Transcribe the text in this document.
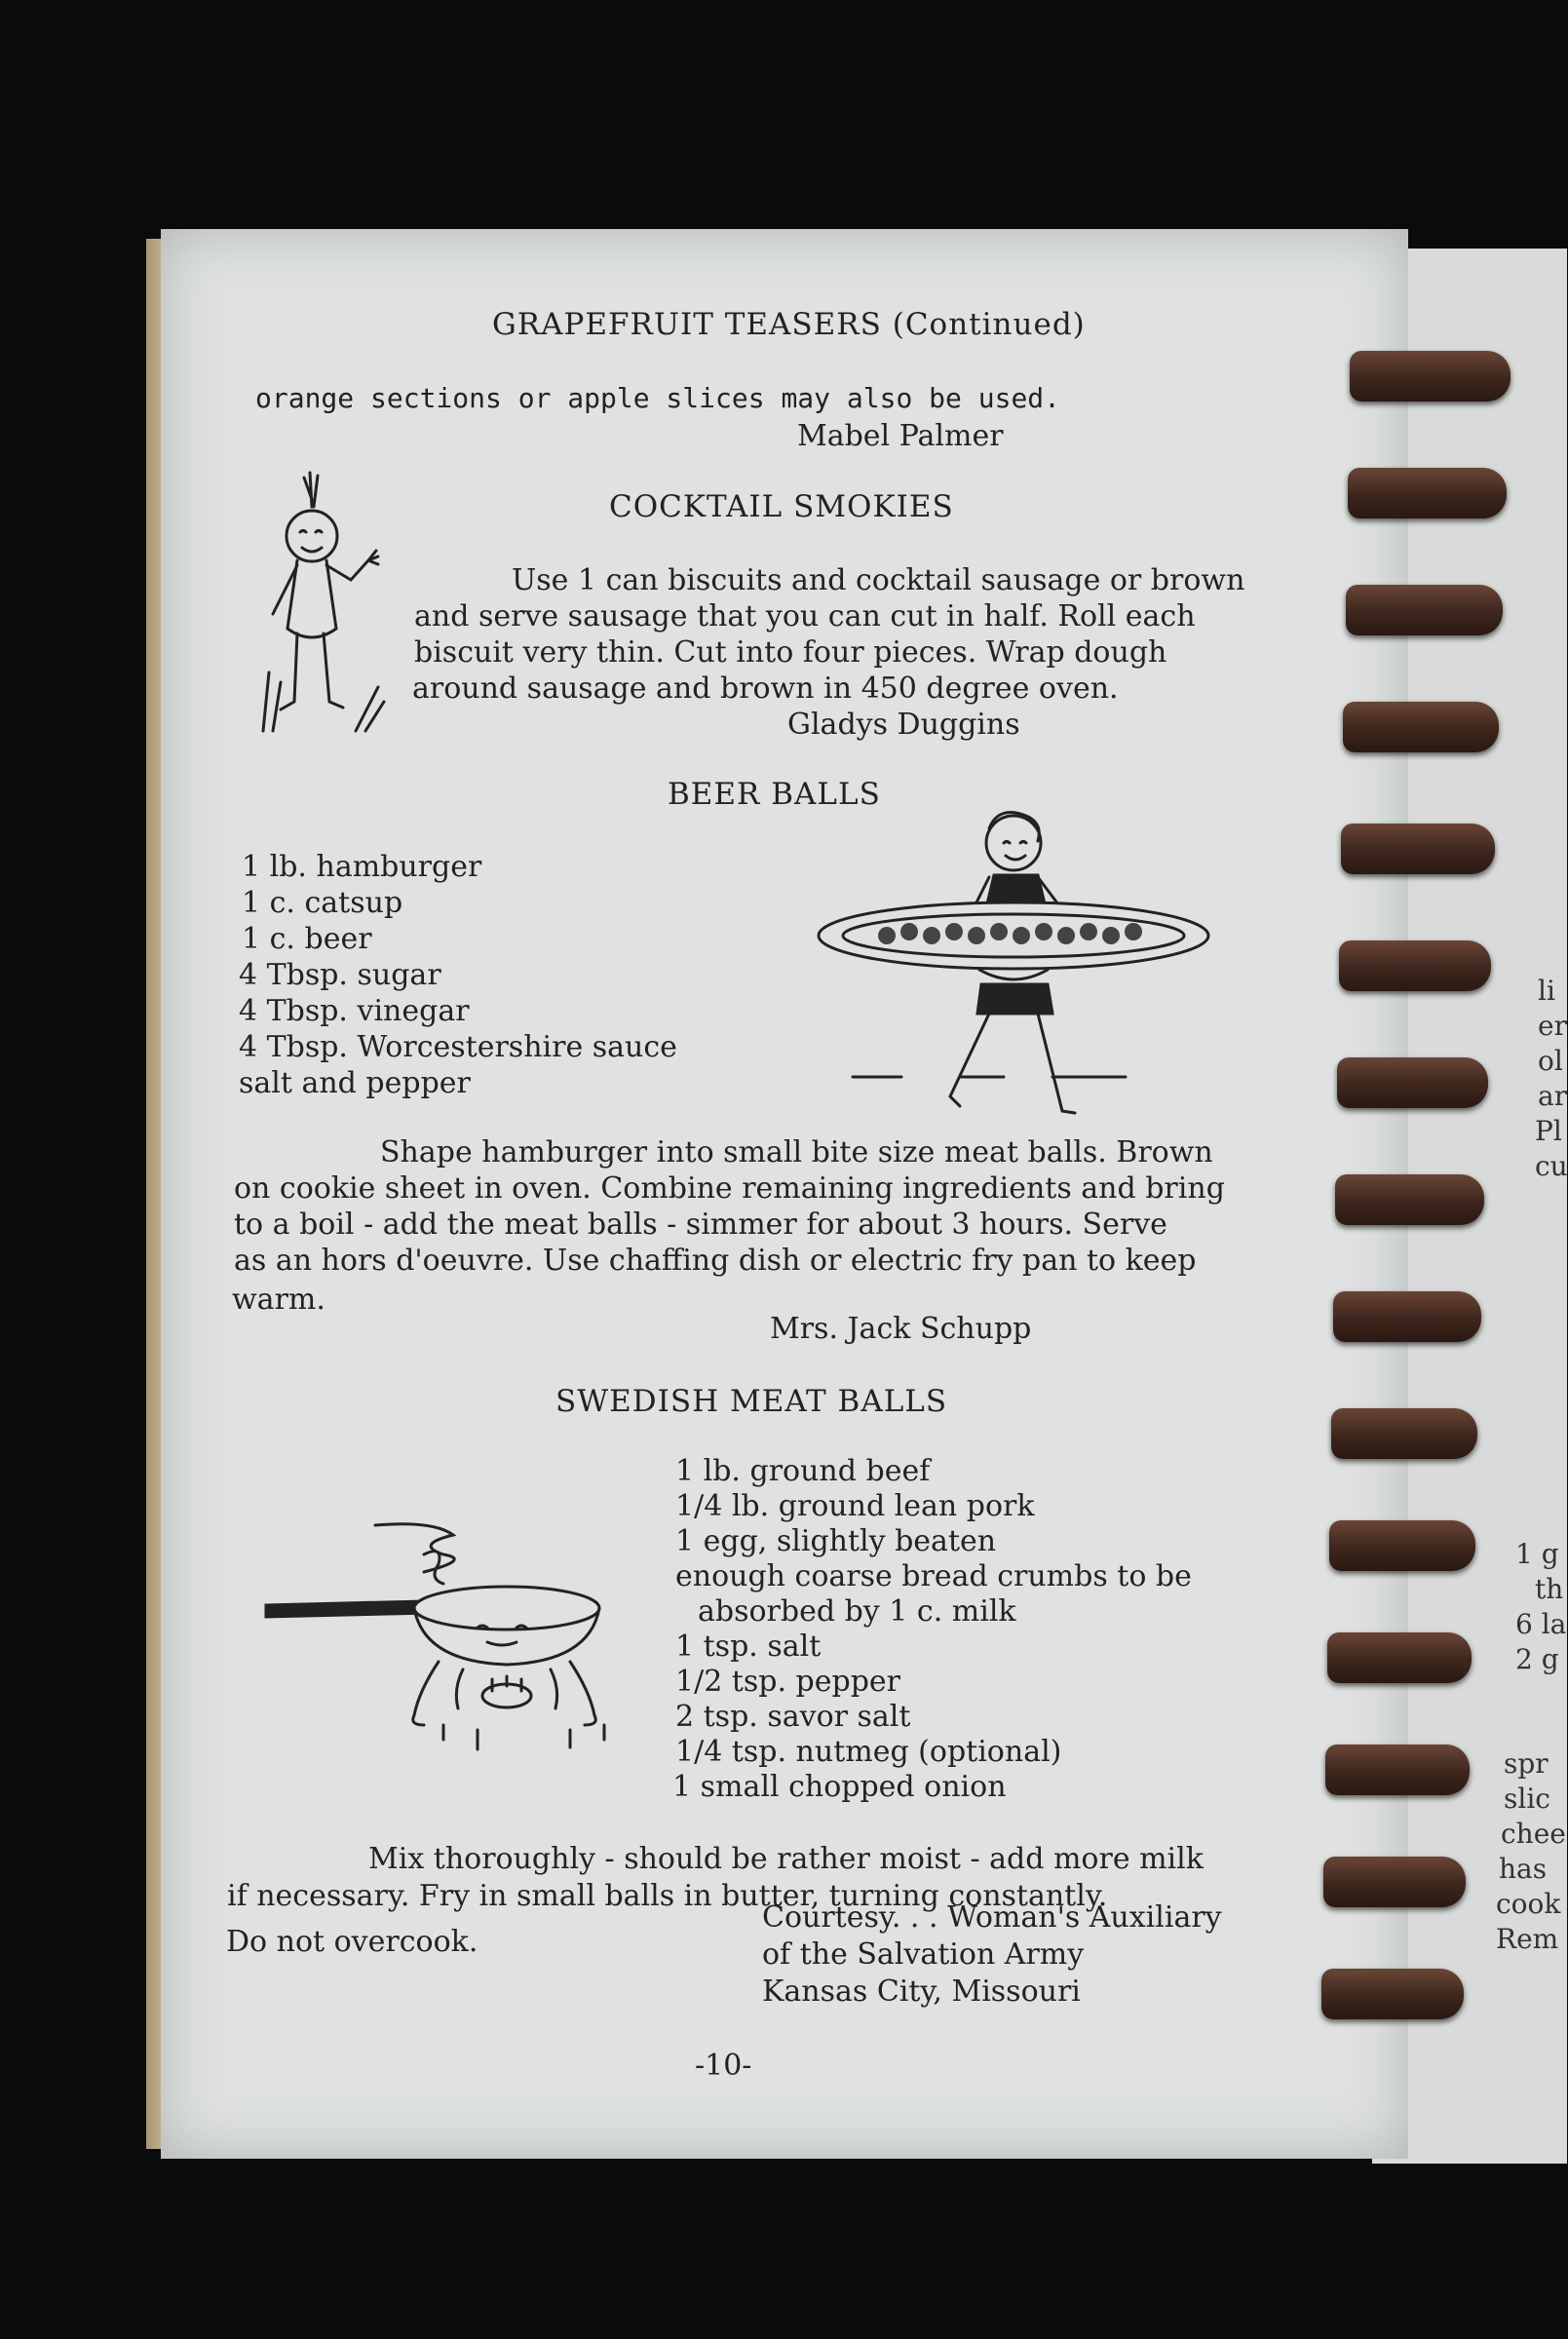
li
er
ol
ar
Pl
cu
1 g
th
6 la
2 g
spr
slic
chee
has
cook
Rem
GRAPEFRUIT TEASERS (Continued)
orange sections or apple slices may also be used.
Mabel Palmer
COCKTAIL SMOKIES
Use 1 can biscuits and cocktail sausage or brown
and serve sausage that you can cut in half. Roll each
biscuit very thin. Cut into four pieces. Wrap dough
around sausage and brown in 450 degree oven.
Gladys Duggins
BEER BALLS
1 lb. hamburger
1 c. catsup
1 c. beer
4 Tbsp. sugar
4 Tbsp. vinegar
4 Tbsp. Worcestershire sauce
salt and pepper
Shape hamburger into small bite size meat balls. Brown
on cookie sheet in oven. Combine remaining ingredients and bring
to a boil - add the meat balls - simmer for about 3 hours. Serve
as an hors d'oeuvre. Use chaffing dish or electric fry pan to keep
warm.
Mrs. Jack Schupp
SWEDISH MEAT BALLS
1 lb. ground beef
1/4 lb. ground lean pork
1 egg, slightly beaten
enough coarse bread crumbs to be
absorbed by 1 c. milk
1 tsp. salt
1/2 tsp. pepper
2 tsp. savor salt
1/4 tsp. nutmeg (optional)
1 small chopped onion
Mix thoroughly - should be rather moist - add more milk
if necessary. Fry in small balls in butter, turning constantly.
Do not overcook.
Courtesy. . . Woman's Auxiliary
of the Salvation Army
Kansas City, Missouri
-10-
